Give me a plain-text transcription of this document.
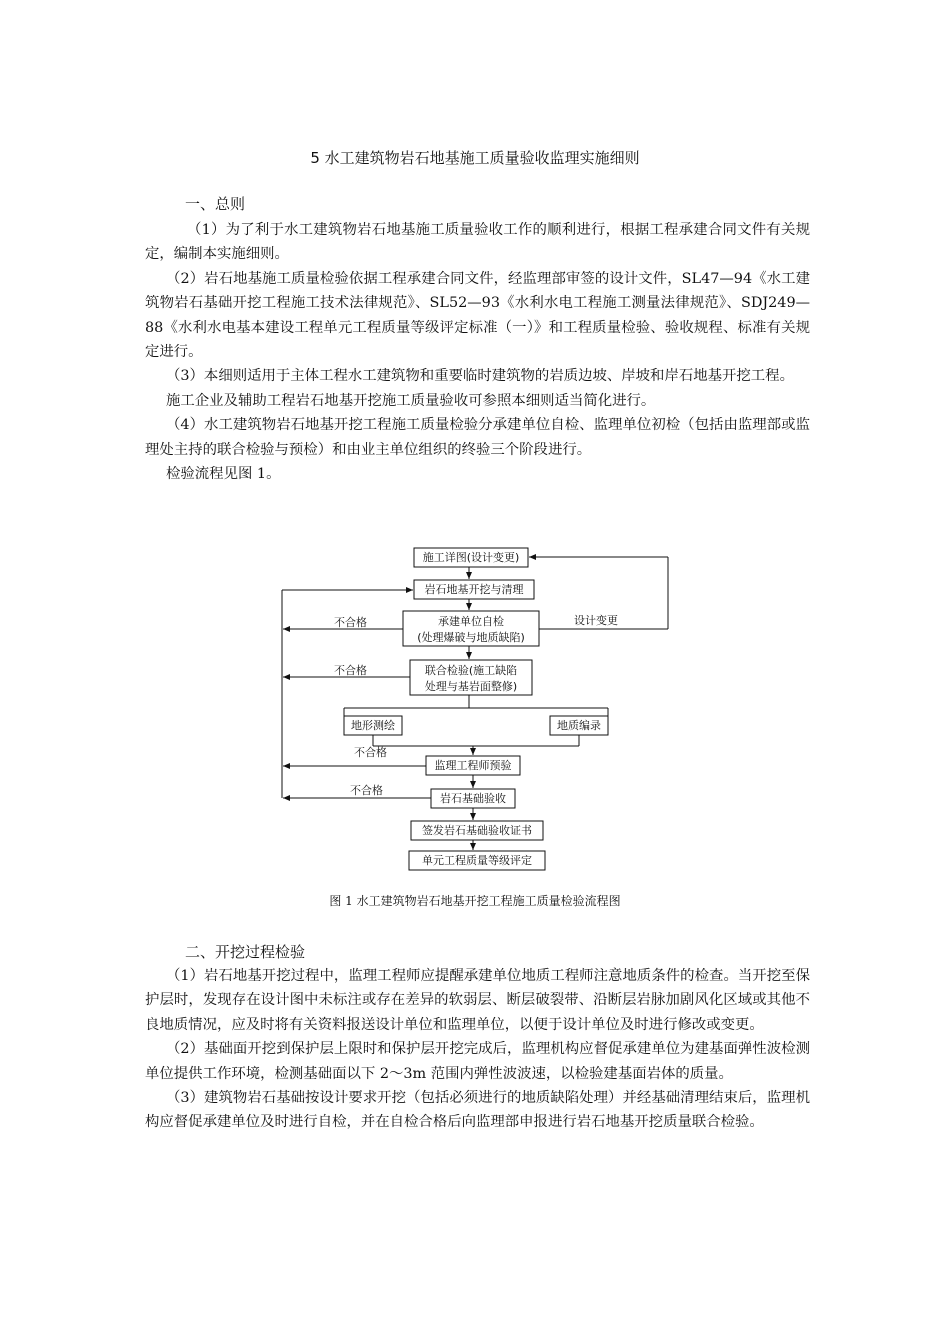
5 水工建筑物岩石地基施工质量验收监理实施细则
一、总则

（1）为了利于水工建筑物岩石地基施工质量验收工作的顺利进行，根据工程承建合同文件有关规定，编制本实施细则。

（2）岩石地基施工质量检验依据工程承建合同文件，经监理部审签的设计文件，SL47—94《水工建筑物岩石基础开挖工程施工技术法律规范》、SL52—93《水利水电工程施工测量法律规范》、SDJ249—88《水利水电基本建设工程单元工程质量等级评定标准（一）》和工程质量检验、验收规程、标准有关规定进行。

（3）本细则适用于主体工程水工建筑物和重要临时建筑物的岩质边坡、岸坡和岸石地基开挖工程。

施工企业及辅助工程岩石地基开挖施工质量验收可参照本细则适当简化进行。

（4）水工建筑物岩石地基开挖工程施工质量检验分承建单位自检、监理单位初检（包括由监理部或监理处主持的联合检验与预检）和由业主单位组织的终验三个阶段进行。

检验流程见图 1。

施工详图(设计变更)
岩石地基开挖与清理
承建单位自检
(处理爆破与地质缺陷)
联合检验(施工缺陷
处理与基岩面整修)
地形测绘	地质编录
监理工程师预验
岩石基础验收
签发岩石基础验收证书
单元工程质量等级评定
不合格
不合格
不合格
不合格
设计变更
图 1 水工建筑物岩石地基开挖工程施工质量检验流程图
二、开挖过程检验

（1）岩石地基开挖过程中，监理工程师应提醒承建单位地质工程师注意地质条件的检查。当开挖至保护层时，发现存在设计图中未标注或存在差异的软弱层、断层破裂带、沿断层岩脉加剧风化区域或其他不良地质情况，应及时将有关资料报送设计单位和监理单位，以便于设计单位及时进行修改或变更。

（2）基础面开挖到保护层上限时和保护层开挖完成后，监理机构应督促承建单位为建基面弹性波检测单位提供工作环境，检测基础面以下 2～3m 范围内弹性波波速，以检验建基面岩体的质量。

（3）建筑物岩石基础按设计要求开挖（包括必须进行的地质缺陷处理）并经基础清理结束后，监理机构应督促承建单位及时进行自检，并在自检合格后向监理部申报进行岩石地基开挖质量联合检验。
